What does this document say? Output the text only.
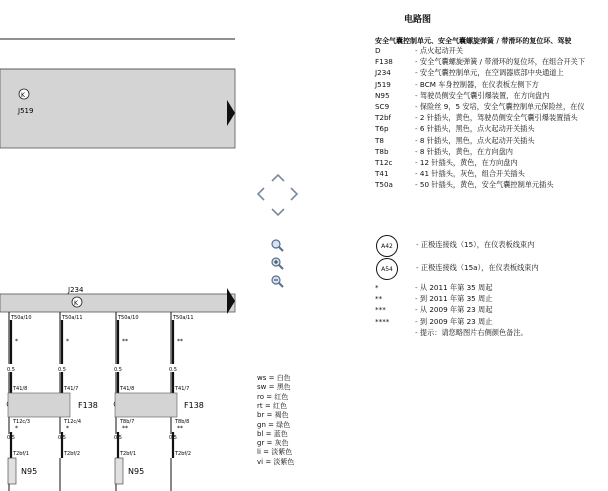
K
J519
J234
K
T50a/10
*
0.5
T41/8
T12c/3
*
0.5
T2bf/1
T50a/11
*
0.5
T41/7
T12c/4
*
0.5
T2bf/2
T50a/10
**
0.5
T41/8
T8b/7
**
0.5
T2bf/1
T50a/11
**
0.5
T41/7
T8b/8
**
0.5
T2bf/2
F138	F138
N95	N95
ws = 白色
sw = 黑色
ro = 红色
rt = 红色
br = 褐色
gn = 绿色
bl = 蓝色
gr = 灰色
li = 淡紫色
vi = 淡紫色
电路图
安全气囊控制单元、安全气囊螺旋弹簧 / 带滑环的复位环、驾驶
D	- 点火起动开关
F138	- 安全气囊螺旋弹簧 / 带滑环的复位环，在组合开关下
J234	- 安全气囊控制单元，在空调器底部中央通道上
J519	- BCM 车身控制器，在仪表板左侧下方
N95	- 驾驶员侧安全气囊引爆装置，在方向盘内
SC9	- 保险丝 9，5 安培，安全气囊控制单元保险丝，在仪
T2bf	- 2 针插头，黄色，驾驶员侧安全气囊引爆装置插头
T6p	- 6 针插头，黑色，点火起动开关插头
T8	- 8 针插头，黑色，点火起动开关插头
T8b	- 8 针插头，黄色，在方向盘内
T12c	- 12 针插头，黄色，在方向盘内
T41	- 41 针插头，灰色，组合开关插头
T50a	- 50 针插头，黄色，安全气囊控制单元插头
A42	- 正极连接线（15），在仪表板线束内
A54	- 正极连接线（15a），在仪表板线束内
*	- 从 2011 年第 35 周起
**	- 到 2011 年第 35 周止
***	- 从 2009 年第 23 周起
****	- 到 2009 年第 23 周止
- 提示：请您略图片右侧颜色备注。
